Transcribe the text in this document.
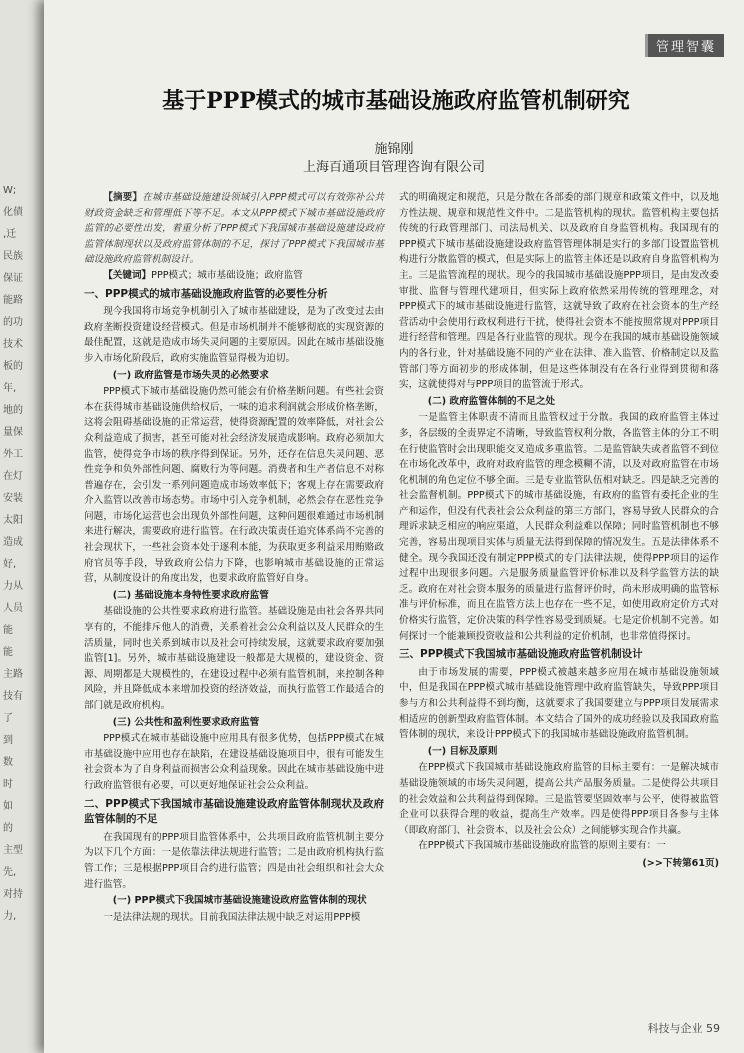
W;
化債
,迁
民族
保证
能路
的功
技术
板的
年,
地的
量保
外工
在灯
安装
太阳
造成
好,
力从
人员
能
能
主路
技有
了
到
数
时
如
的
主型
先,
对持
力,
管理智囊
基于PPP模式的城市基础设施政府监管机制研究
施锦刚
上海百通项目管理咨询有限公司

【摘要】在城市基础设施建设领域引入PPP模式可以有效弥补公共财政资金缺乏和管理低下等不足。本文从PPP模式下城市基础设施政府监管的必要性出发，着重分析了PPP模式下我国城市基础设施建设政府监管体制现状以及政府监管体制的不足，探讨了PPP模式下我国城市基础设施政府监管机制设计。

【关键词】PPP模式；城市基础设施；政府监管

一、PPP模式的城市基础设施政府监管的必要性分析

现今我国将市场竞争机制引入了城市基础建设，是为了改变过去由政府垄断投资建设经营模式。但是市场机制并不能够彻底的实现资源的最佳配置，这就是造成市场失灵问题的主要原因。因此在城市基础设施步入市场化阶段后，政府实施监管显得极为迫切。

(一) 政府监管是市场失灵的必然要求

PPP模式下城市基础设施仍然可能会有价格垄断问题。有些社会资本在获得城市基础设施供给权后，一味的追求利润就会形成价格垄断，这将会阻碍基础设施的正常运营，使得资源配置的效率降低，对社会公众利益造成了损害，甚至可能对社会经济发展造成影响。政府必须加大监管，使得竞争市场的秩序得到保证。另外，还存在信息失灵问题、恶性竞争和负外部性问题、腐败行为等问题。消费者和生产者信息不对称普遍存在，会引发一系列问题造成市场效率低下；客观上存在需要政府介入监管以改善市场态势。市场中引入竞争机制，必然会存在恶性竞争问题，市场化运营也会出现负外部性问题，这种问题很难通过市场机制来进行解决，需要政府进行监管。在行政决策责任追究体系尚不完善的社会现状下，一些社会资本处于逐利本能，为获取更多利益采用贿赂政府官员等手段，导致政府公信力下降，也影响城市基础设施的正常运营，从制度设计的角度出发，也要求政府监管好自身。

(二) 基础设施本身特性要求政府监管

基础设施的公共性要求政府进行监管。基础设施是由社会各界共同享有的，不能排斥他人的消费，关系着社会公众利益以及人民群众的生活质量，同时也关系到城市以及社会可持续发展，这就要求政府要加强监管[1]。另外，城市基础设施建设一般都是大规模的，建设资金、资源、周期都是大规模性的，在建设过程中必须有监管机制，来控制各种风险，并且降低成本来增加投资的经济效益，而执行监管工作最适合的部门就是政府机构。

(三) 公共性和盈利性要求政府监管

PPP模式在城市基础设施中应用具有很多优势，包括PPP模式在城市基础设施中应用也存在缺陷，在建设基础设施项目中，很有可能发生社会资本为了自身利益而损害公众利益现象。因此在城市基础设施中进行政府监管很有必要，可以更好地保证社会公众利益。

二、PPP模式下我国城市基础设施建设政府监管体制现状及政府监管体制的不足

在我国现有的PPP项目监管体系中，公共项目政府监管机制主要分为以下几个方面：一是依靠法律法规进行监管；二是由政府机构执行监管工作；三是根据PPP项目合约进行监管；四是由社会组织和社会大众进行监管。

(一) PPP模式下我国城市基础设施建设政府监管体制的现状

一是法律法规的现状。目前我国法律法规中缺乏对运用PPP模

式的明确规定和规范，只是分散在各部委的部门规章和政策文件中，以及地方性法规、规章和规范性文件中。二是监管机构的现状。监管机构主要包括传统的行政管理部门、司法局机关、以及政府自身监管机构。我国现有的PPP模式下城市基础设施建设政府监管管理体制是实行的多部门设置监管机构进行分散监管的模式，但是实际上的监管主体还是以政府自身监管机构为主。三是监管流程的现状。现今的我国城市基础设施PPP项目，是由发改委审批、监督与管理代建项目，但实际上政府依然采用传统的管理理念，对PPP模式下的城市基础设施进行监管，这就导致了政府在社会资本的生产经营活动中会使用行政权利进行干扰，使得社会资本不能按照常规对PPP项目进行经营和管理。四是各行业监管的现状。现今在我国的城市基础设施领域内的各行业，针对基础设施不同的产业在法律、准入监管、价格制定以及监管部门等方面初步的形成体制，但是这些体制没有在各行业得到贯彻和落实，这就使得对与PPP项目的监管流于形式。

(二) 政府监管体制的不足之处

一是监管主体职责不清而且监管权过于分散。我国的政府监管主体过多，各层级的全责界定不清晰，导致监管权利分散，各监管主体的分工不明在行使监管时会出现职能交叉造成多重监管。二是监管缺失或者监管不到位在市场化改革中，政府对政府监管的理念模糊不清，以及对政府监管在市场化机制的角色定位不够全面。三是专业监管队伍相对缺乏。四是缺乏完善的社会监督机制。PPP模式下的城市基础设施，有政府的监管有委托企业的生产和运作，但没有代表社会公众利益的第三方部门，容易导致人民群众的合理诉求缺乏相应的响应渠道，人民群众利益难以保障；同时监管机制也不够完善，容易出现项目实体与质量无法得到保障的情况发生。五是法律体系不健全。现今我国还没有制定PPP模式的专门法律法规，使得PPP项目的运作过程中出现很多问题。六是服务质量监管评价标准以及科学监管方法的缺乏。政府在对社会资本服务的质量进行监督评价时，尚未形成明确的监管标准与评价标准，而且在监管方法上也存在一些不足，如使用政府定价方式对价格实行监管，定价决策的科学性容易受到质疑。七是定价机制不完善。如何探讨一个能兼顾投资收益和公共利益的定价机制，也非常值得探讨。

三、PPP模式下我国城市基础设施政府监管机制设计

由于市场发展的需要，PPP模式被越来越多应用在城市基础设施领域中，但是我国在PPP模式城市基础设施管理中政府监管缺失，导致PPP项目参与方和公共利益得不到均衡，这就要求了我国要建立与PPP项目发展需求相适应的创新型政府监管体制。本文结合了国外的成功经验以及我国政府监管体制的现状，来设计PPP模式下的我国城市基础设施政府监管机制。

(一) 目标及原则

在PPP模式下我国城市基础设施政府监管的目标主要有：一是解决城市基础设施领域的市场失灵问题，提高公共产品服务质量。二是使得公共项目的社会效益和公共利益得到保障。三是监管要坚固效率与公平，使得被监管企业可以获得合理的收益，提高生产效率。四是使得PPP项目各参与主体（即政府部门、社会资本、以及社会公众）之间能够实现合作共赢。

在PPP模式下我国城市基础设施政府监管的原则主要有：一

(>>下转第61页)
科技与企业 59
